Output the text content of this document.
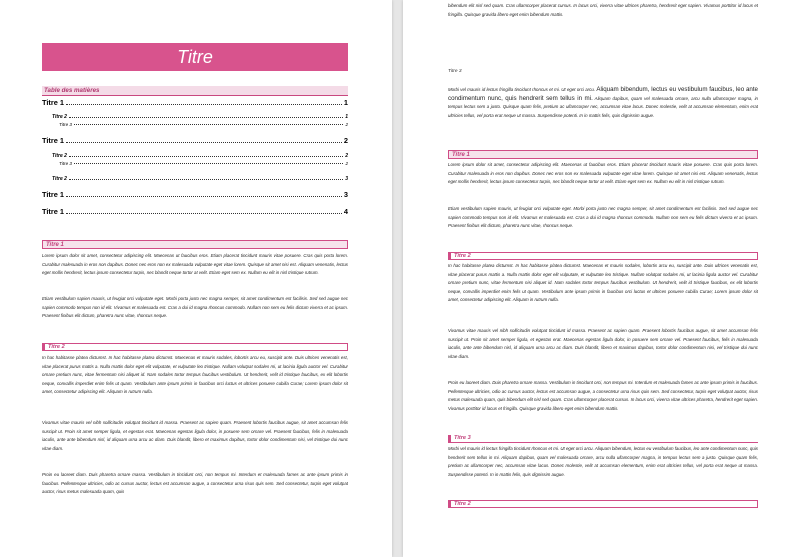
Titre
Table des matières
Titre 1	1
Titre 2	1
Titre 3	2
Titre 1	2
Titre 2	2
Titre 3	2
Titre 2	3
Titre 1	3
Titre 1	4
Titre 1

Lorem ipsum dolor sit amet, consectetur adipiscing elit. Maecenas ut faucibus eros. Etiam placerat tincidunt mauris vitae posuere. Cras quis porta lorem. Curabitur malesuada in eros non dapibus. Donec nec eros non ex malesuada vulputate eget vitae lorem. Quisque sit amet nisi est. Aliquam venenatis, lectus eget mollis hendrerit, lectus ipsum consectetur turpis, nec blandit neque tortor at velit. Etiam eget sem ex. Nullam eu elit in nisl tristique rutrum.

Etiam vestibulum sapien mauris, ut feugiat orci vulputate eget. Morbi porta justo nec magna semper, sit amet condimentum est facilisis. Sed sed augue nec sapien commodo tempus non id elit. Vivamus et malesuada est. Cras a dui id magna rhoncus commodo. Nullam non sem eu felis dictum viverra et ac ipsum. Praesent finibus elit dictum, pharetra nunc vitae, rhoncus neque.

Titre 2

In hac habitasse platea dictumst. In hac habitasse platea dictumst. Maecenas et mauris sodales, lobortis arcu eu, suscipit ante. Duis ultrices venenatis est, vitae placerat purus mattis a. Nulla mattis dolor eget elit vulputate, et vulputate leo tristique. Nullam volutpat sodales mi, ut lacinia ligula auctor vel. Curabitur ornare pretium nunc, vitae fermentum nisi aliquet id. Nam sodales tortor tempus faucibus vestibulum. Ut hendrerit, velit id tristique faucibus, ex elit lobortis neque, convallis imperdiet enim felis ut quam. Vestibulum ante ipsum primis in faucibus orci luctus et ultrices posuere cubilia Curae; Lorem ipsum dolor sit amet, consectetur adipiscing elit. Aliquam in rutrum nulla.

Vivamus vitae mauris vel nibh sollicitudin volutpat tincidunt id massa. Praesent ac sapien quam. Praesent lobortis faucibus augue, sit amet accumsan felis suscipit ut. Proin sit amet semper ligula, et egestas erat. Maecenas egestas ligula dolor, in posuere sem ornare vel. Praesent faucibus, felis in malesuada iaculis, ante ante bibendum nisl, id aliquam urna arcu ac diam. Duis blandit, libero et maximus dapibus, tortor dolor condimentum nisi, vel tristique dui nunc vitae diam.

Proin eu laoreet diam. Duis pharetra ornare massa. Vestibulum in tincidunt orci, non tempus mi. Interdum et malesuada fames ac ante ipsum primis in faucibus. Pellentesque ultricies, odio ac cursus auctor, lectus est accumsan augue, a consectetur urna risus quis sem. Sed consectetur, turpis eget volutpat auctor, risus metus malesuada quam, quis

bibendum elit nisl sed quam. Cras ullamcorper placerat cursus. In lacus orci, viverra vitae ultrices pharetra, hendrerit eget sapien. Vivamus porttitor id lacus et fringilla. Quisque gravida libero eget enim bibendum mattis.

Titre 3

Morbi vel mauris id lectus fringilla tincidunt rhoncus et mi. Ut eget orci arcu. Aliquam bibendum, lectus eu vestibulum faucibus, leo ante condimentum nunc, quis hendrerit sem tellus in mi. Aliquam dapibus, quam vel malesuada ornare, arcu nulla ullamcorper magna, in tempus lectus sem a justo. Quisque quam felis, pretium ac ullamcorper nec, accumsan vitae lacus. Donec molestie, velit at accumsan elementum, enim erat ultricies tellus, vel porta erat neque ut massa. Suspendisse potenti. In in mattis felis, quis dignissim augue.

Titre 1

Lorem ipsum dolor sit amet, consectetur adipiscing elit. Maecenas ut faucibus eros. Etiam placerat tincidunt mauris vitae posuere. Cras quis porta lorem. Curabitur malesuada in eros non dapibus. Donec nec eros non ex malesuada vulputate eget vitae lorem. Quisque sit amet nisi est. Aliquam venenatis, lectus eget mollis hendrerit, lectus ipsum consectetur turpis, nec blandit neque tortor at velit. Etiam eget sem ex. Nullam eu elit in nisl tristique rutrum.

Etiam vestibulum sapien mauris, ut feugiat orci vulputate eget. Morbi porta justo nec magna semper, sit amet condimentum est facilisis. Sed sed augue nec sapien commodo tempus non id elit. Vivamus et malesuada est. Cras a dui id magna rhoncus commodo. Nullam non sem eu felis dictum viverra et ac ipsum. Praesent finibus elit dictum, pharetra nunc vitae, rhoncus neque.

Titre 2

In hac habitasse platea dictumst. In hac habitasse platea dictumst. Maecenas et mauris sodales, lobortis arcu eu, suscipit ante. Duis ultrices venenatis est, vitae placerat purus mattis a. Nulla mattis dolor eget elit vulputate, et vulputate leo tristique. Nullam volutpat sodales mi, ut lacinia ligula auctor vel. Curabitur ornare pretium nunc, vitae fermentum nisi aliquet id. Nam sodales tortor tempus faucibus vestibulum. Ut hendrerit, velit id tristique faucibus, ex elit lobortis neque, convallis imperdiet enim felis ut quam. Vestibulum ante ipsum primis in faucibus orci luctus et ultrices posuere cubilia Curae; Lorem ipsum dolor sit amet, consectetur adipiscing elit. Aliquam in rutrum nulla.

Vivamus vitae mauris vel nibh sollicitudin volutpat tincidunt id massa. Praesent ac sapien quam. Praesent lobortis faucibus augue, sit amet accumsan felis suscipit ut. Proin sit amet semper ligula, et egestas erat. Maecenas egestas ligula dolor, in posuere sem ornare vel. Praesent faucibus, felis in malesuada iaculis, ante ante bibendum nisl, id aliquam urna arcu ac diam. Duis blandit, libero et maximus dapibus, tortor dolor condimentum nisi, vel tristique dui nunc vitae diam.

Proin eu laoreet diam. Duis pharetra ornare massa. Vestibulum in tincidunt orci, non tempus mi. Interdum et malesuada fames ac ante ipsum primis in faucibus. Pellentesque ultricies, odio ac cursus auctor, lectus est accumsan augue, a consectetur urna risus quis sem. Sed consectetur, turpis eget volutpat auctor, risus metus malesuada quam, quis bibendum elit nisl sed quam. Cras ullamcorper placerat cursus. In lacus orci, viverra vitae ultrices pharetra, hendrerit eget sapien. Vivamus porttitor id lacus et fringilla. Quisque gravida libero eget enim bibendum mattis.

Titre 3

Morbi vel mauris id lectus fringilla tincidunt rhoncus et mi. Ut eget orci arcu. Aliquam bibendum, lectus eu vestibulum faucibus, leo ante condimentum nunc, quis hendrerit sem tellus in mi. Aliquam dapibus, quam vel malesuada ornare, arcu nulla ullamcorper magna, in tempus lectus sem a justo. Quisque quam felis, pretium ac ullamcorper nec, accumsan vitae lacus. Donec molestie, velit at accumsan elementum, enim erat ultricies tellus, vel porta erat neque ut massa. Suspendisse potenti. In in mattis felis, quis dignissim augue.

Titre 2
